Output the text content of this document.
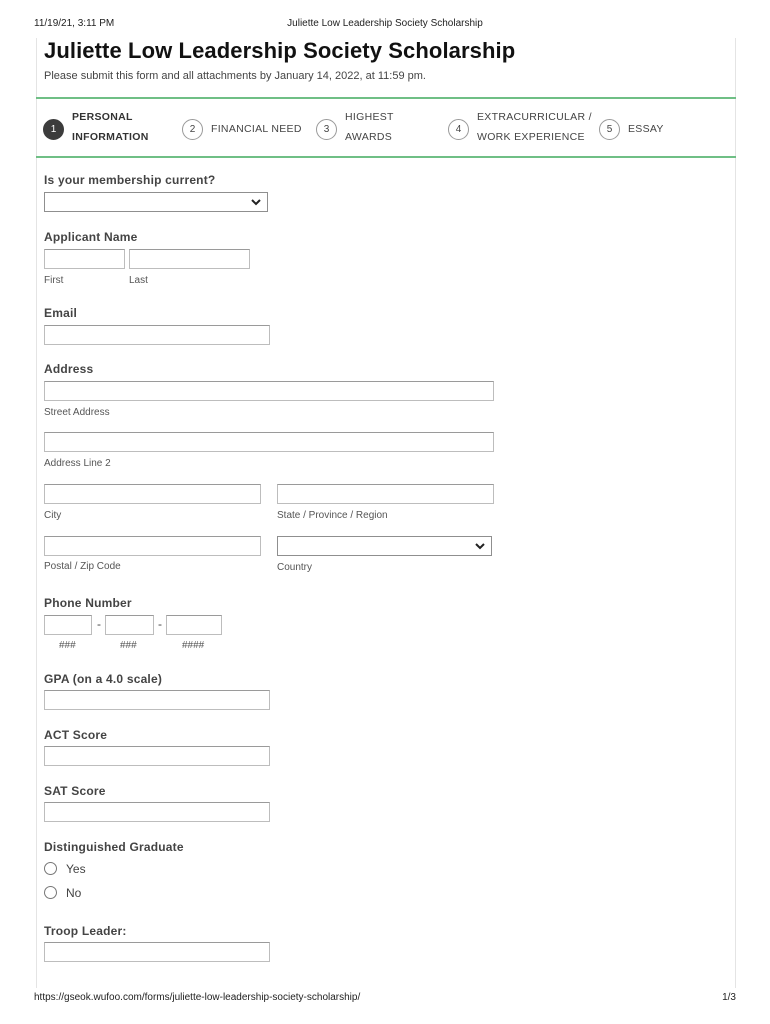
11/19/21, 3:11 PM	Juliette Low Leadership Society Scholarship
Juliette Low Leadership Society Scholarship
Please submit this form and all attachments by January 14, 2022, at 11:59 pm.
1
PERSONAL
INFORMATION
2	FINANCIAL NEED	3
HIGHEST
AWARDS
4
EXTRACURRICULAR /
WORK EXPERIENCE
5	ESSAY
Is your membership current?
Applicant Name
First	Last
Email
Address
Street Address
Address Line 2
City	State / Province / Region
Postal / Zip Code	Country
Phone Number
-	-
###	###	####
GPA (on a 4.0 scale)
ACT Score
SAT Score
Distinguished Graduate
Yes
No
Troop Leader:
https://gseok.wufoo.com/forms/juliette-low-leadership-society-scholarship/	1/3
